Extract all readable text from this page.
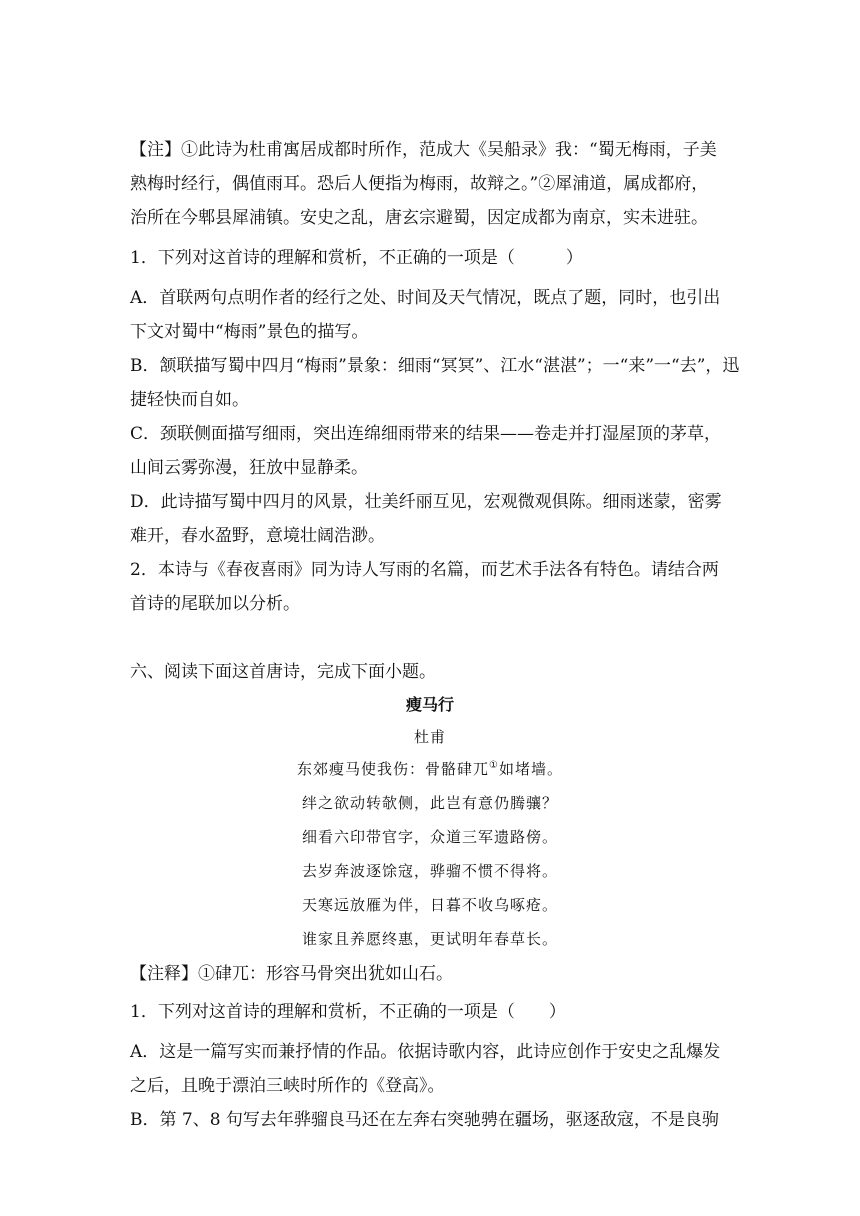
【注】①此诗为杜甫寓居成都时所作，范成大《吴船录》我：“蜀无梅雨，子美
熟梅时经行，偶值雨耳。恐后人便指为梅雨，故辩之。”②犀浦道，属成都府，
治所在今郫县犀浦镇。安史之乱，唐玄宗避蜀，因定成都为南京，实未进驻。
1．下列对这首诗的理解和赏析，不正确的一项是（　　　）
A．首联两句点明作者的经行之处、时间及天气情况，既点了题，同时，也引出
下文对蜀中“梅雨”景色的描写。
B．颔联描写蜀中四月“梅雨”景象：细雨“冥冥”、江水“湛湛”；一“来”一“去”，迅
捷轻快而自如。
C．颈联侧面描写细雨，突出连绵细雨带来的结果——卷走并打湿屋顶的茅草，
山间云雾弥漫，狂放中显静柔。
D．此诗描写蜀中四月的风景，壮美纤丽互见，宏观微观俱陈。细雨迷蒙，密雾
难开，春水盈野，意境壮阔浩渺。
2．本诗与《春夜喜雨》同为诗人写雨的名篇，而艺术手法各有特色。请结合两
首诗的尾联加以分析。
六、阅读下面这首唐诗，完成下面小题。
瘦马行
杜甫
东郊瘦马使我伤：骨骼硉兀①如堵墙。
绊之欲动转欹侧，此岂有意仍腾骧？
细看六印带官字，众道三军遗路傍。
去岁奔波逐馀寇，骅骝不惯不得将。
天寒远放雁为伴，日暮不收乌啄疮。
谁家且养愿终惠，更试明年春草长。
【注释】①硉兀：形容马骨突出犹如山石。
1．下列对这首诗的理解和赏析，不正确的一项是（　　）
A．这是一篇写实而兼抒情的作品。依据诗歌内容，此诗应创作于安史之乱爆发
之后，且晚于漂泊三峡时所作的《登高》。
B．第 7、8 句写去年骅骝良马还在左奔右突驰骋在疆场，驱逐敌寇，不是良驹
